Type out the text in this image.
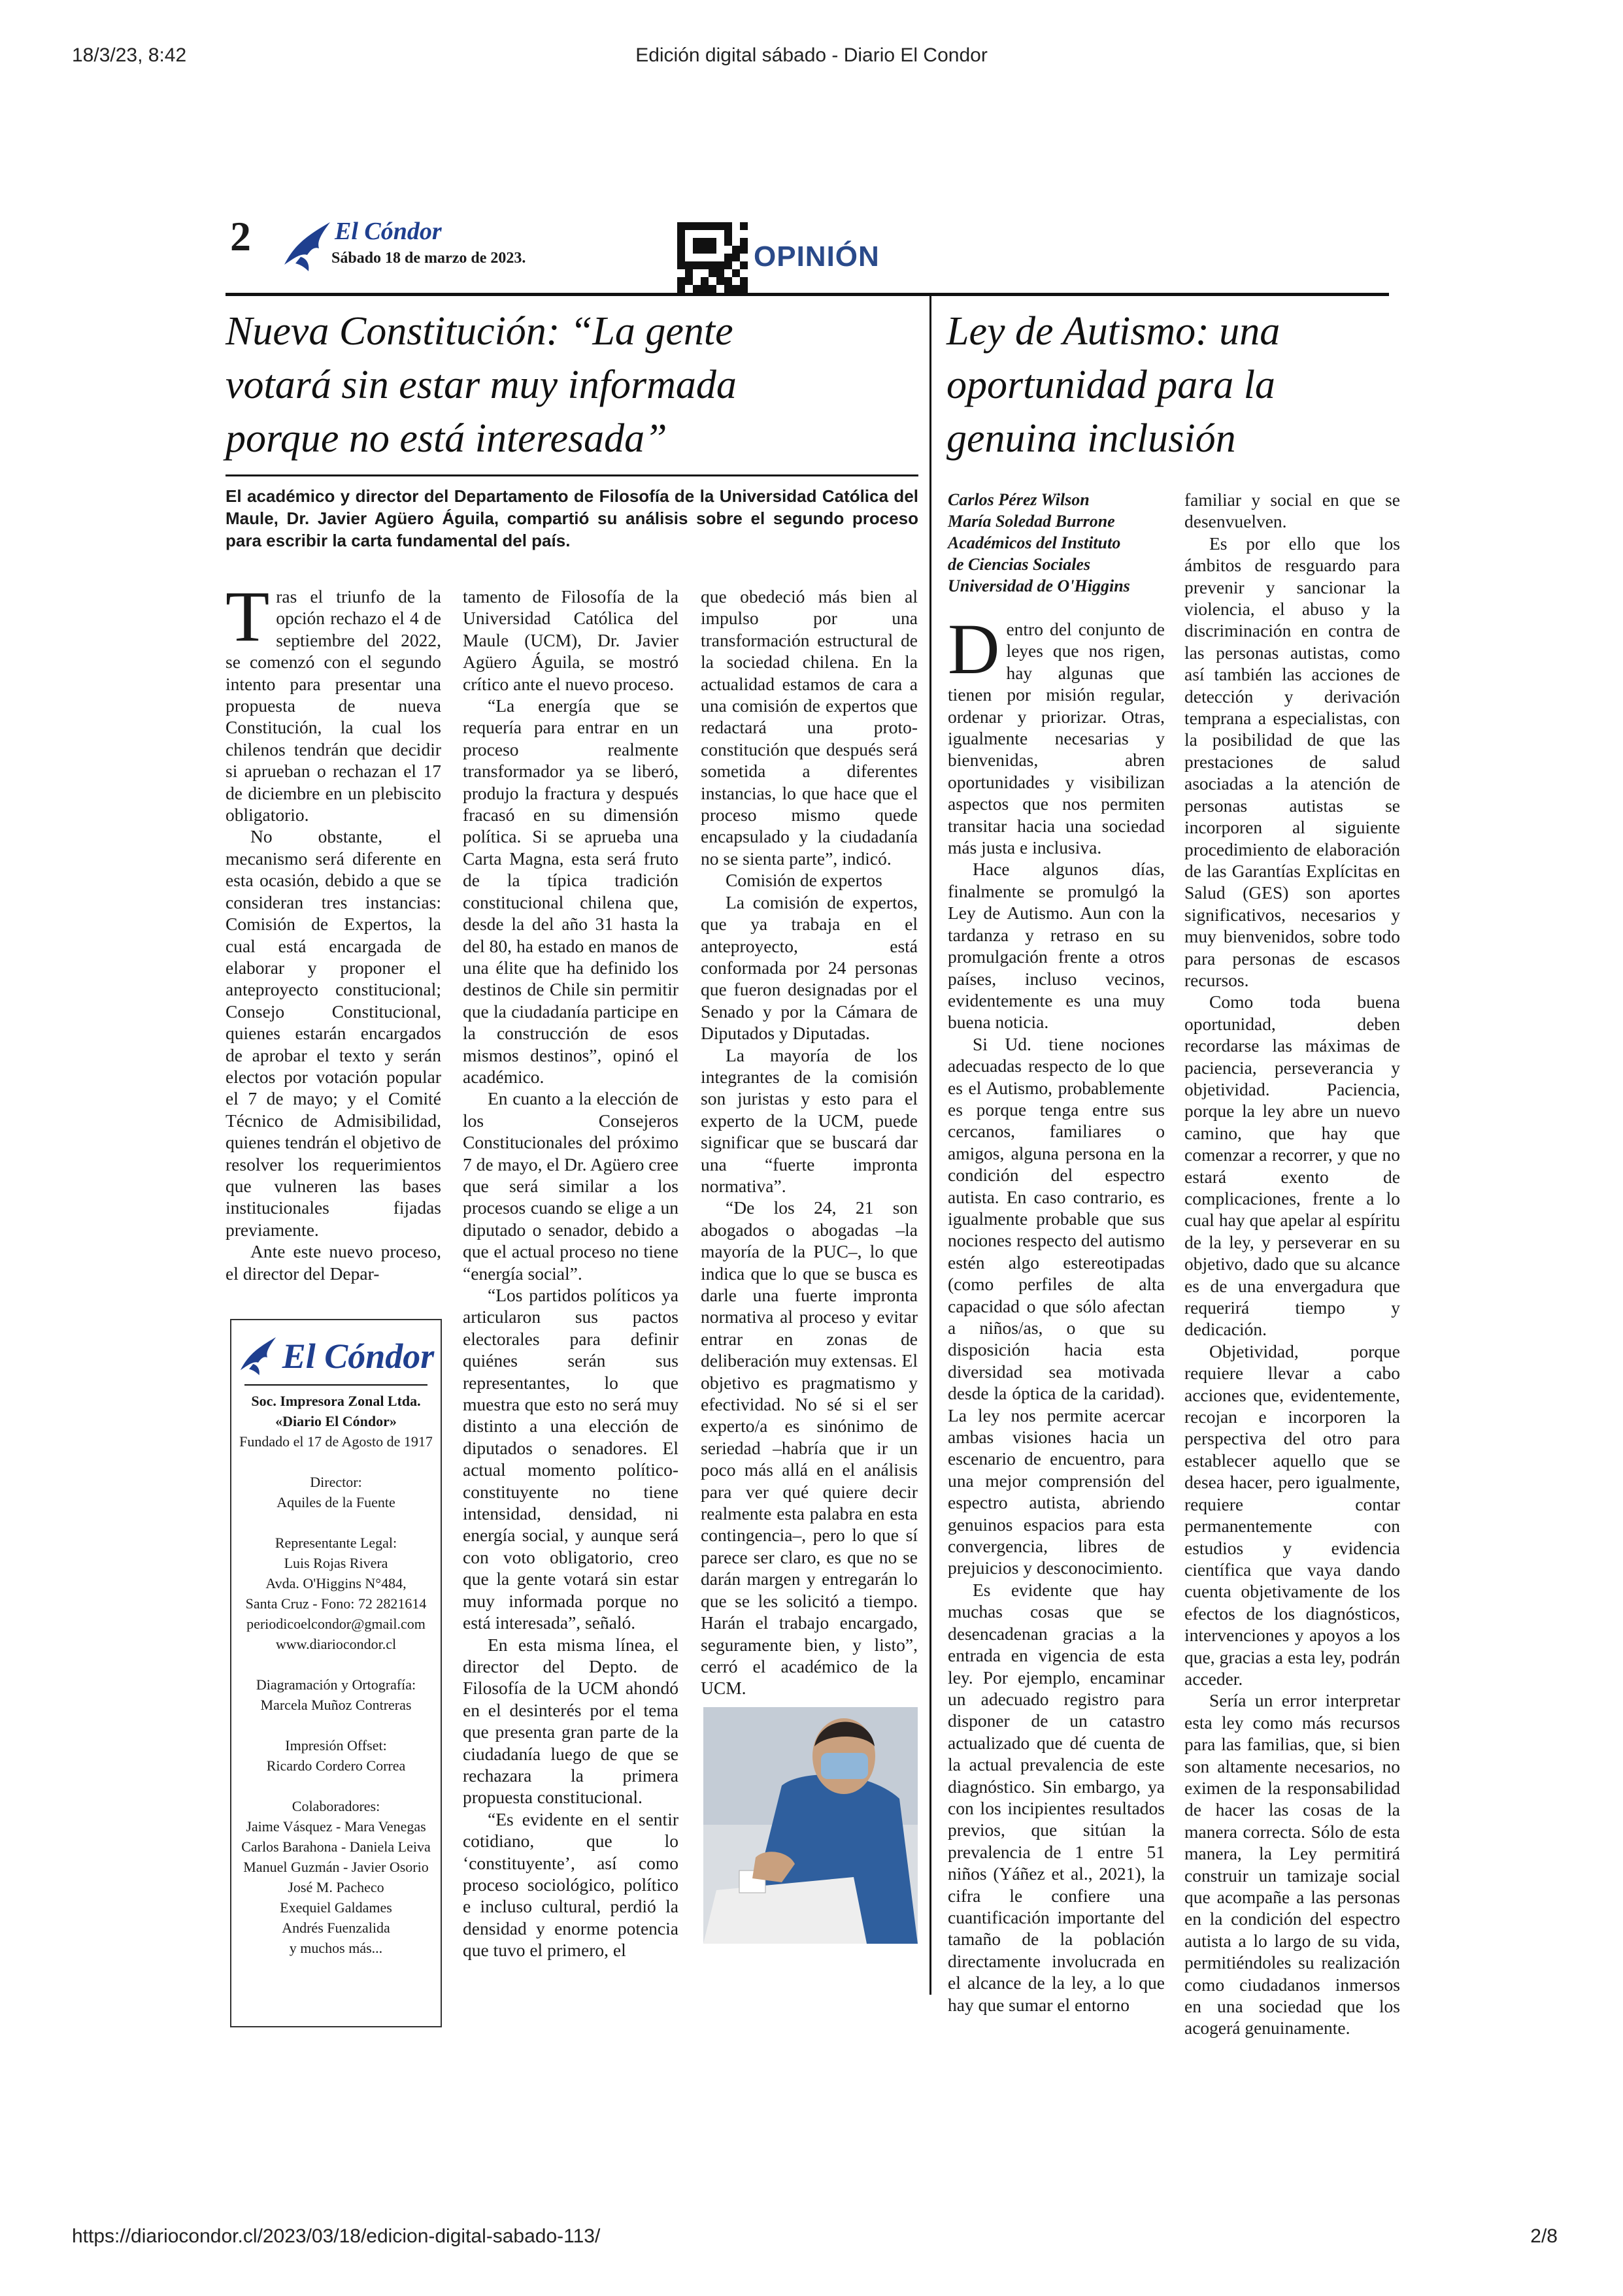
18/3/23, 8:42	Edición digital sábado - Diario El Condor
https://diariocondor.cl/2023/03/18/edicion-digital-sabado-113/	2/8
2	El Cóndor
Sábado 18 de marzo de 2023.	OPINIÓN
Nueva Constitución: “La gente
votará sin estar muy informada
porque no está interesada”
El académico y director del Departamento de Filosofía de la Universidad Católica del Maule, Dr. Javier Agüero Águila, compartió su análisis sobre el segundo proceso para escribir la carta fundamental del país.
T ras el triunfo de la opción rechazo el 4 de septiembre del 2022, se comenzó con el segundo intento para presentar una propuesta de nueva Constitución, la cual los chilenos tendrán que decidir si aprueban o rechazan el 17 de diciembre en un plebiscito obligatorio.

No obstante, el mecanismo será diferente en esta ocasión, debido a que se consideran tres instancias: Comisión de Expertos, la cual está encargada de elaborar y proponer el anteproyecto constitucional; Consejo Constitucional, quienes estarán encargados de aprobar el texto y serán electos por votación popular el 7 de mayo; y el Comité Técnico de Admisibilidad, quienes tendrán el objetivo de resolver los requerimientos que vulneren las bases institucionales fijadas previamente.

Ante este nuevo proceso, el director del Depar-

El Cóndor
Soc. Impresora Zonal Ltda.
«Diario El Cóndor»
Fundado el 17 de Agosto de 1917

Director:
Aquiles de la Fuente

Representante Legal:
Luis Rojas Rivera
Avda. O'Higgins N°484,
Santa Cruz - Fono: 72 2821614
periodicoelcondor@gmail.com
www.diariocondor.cl

Diagramación y Ortografía:
Marcela Muñoz Contreras

Impresión Offset:
Ricardo Cordero Correa

Colaboradores:
Jaime Vásquez - Mara Venegas
Carlos Barahona - Daniela Leiva
Manuel Guzmán - Javier Osorio
José M. Pacheco
Exequiel Galdames
Andrés Fuenzalida
y muchos más...

tamento de Filosofía de la Universidad Católica del Maule (UCM), Dr. Javier Agüero Águila, se mostró crítico ante el nuevo proceso.

“La energía que se requería para entrar en un proceso realmente transformador ya se liberó, produjo la fractura y después fracasó en su dimensión política. Si se aprueba una Carta Magna, esta será fruto de la típica tradición constitucional chilena que, desde la del año 31 hasta la del 80, ha estado en manos de una élite que ha definido los destinos de Chile sin permitir que la ciudadanía participe en la construcción de esos mismos destinos”, opinó el académico.

En cuanto a la elección de los Consejeros Constitucionales del próximo 7 de mayo, el Dr. Agüero cree que será similar a los procesos cuando se elige a un diputado o senador, debido a que el actual proceso no tiene “energía social”.

“Los partidos políticos ya articularon sus pactos electorales para definir quiénes serán sus representantes, lo que muestra que esto no será muy distinto a una elección de diputados o senadores. El actual momento político-constituyente no tiene intensidad, densidad, ni energía social, y aunque será con voto obligatorio, creo que la gente votará sin estar muy informada porque no está interesada”, señaló.

En esta misma línea, el director del Depto. de Filosofía de la UCM ahondó en el desinterés por el tema que presenta gran parte de la ciudadanía luego de que se rechazara la primera propuesta constitucional.

“Es evidente en el sentir cotidiano, que lo ‘constituyente’, así como proceso sociológico, político e incluso cultural, perdió la densidad y enorme potencia que tuvo el primero, el

que obedeció más bien al impulso por una transformación estructural de la sociedad chilena. En la actualidad estamos de cara a una comisión de expertos que redactará una proto-constitución que después será sometida a diferentes instancias, lo que hace que el proceso mismo quede encapsulado y la ciudadanía no se sienta parte”, indicó.

Comisión de expertos

La comisión de expertos, que ya trabaja en el anteproyecto, está conformada por 24 personas que fueron designadas por el Senado y por la Cámara de Diputados y Diputadas.

La mayoría de los integrantes de la comisión son juristas y esto para el experto de la UCM, puede significar que se buscará dar una “fuerte impronta normativa”.

“De los 24, 21 son abogados o abogadas –la mayoría de la PUC–, lo que indica que lo que se busca es darle una fuerte impronta normativa al proceso y evitar entrar en zonas de deliberación muy extensas. El objetivo es pragmatismo y efectividad. No sé si el ser experto/a es sinónimo de seriedad –habría que ir un poco más allá en el análisis para ver qué quiere decir realmente esta palabra en esta contingencia–, pero lo que sí parece ser claro, es que no se darán margen y entregarán lo que se les solicitó a tiempo. Harán el trabajo encargado, seguramente bien, y listo”, cerró el académico de la UCM.

Ley de Autismo: una
oportunidad para la
genuina inclusión
Carlos Pérez Wilson
María Soledad Burrone
Académicos del Instituto
de Ciencias Sociales
Universidad de O'Higgins
D entro del conjunto de leyes que nos rigen, hay algunas que tienen por misión regular, ordenar y priorizar. Otras, igualmente necesarias y bienvenidas, abren oportunidades y visibilizan aspectos que nos permiten transitar hacia una sociedad más justa e inclusiva.

Hace algunos días, finalmente se promulgó la Ley de Autismo. Aun con la tardanza y retraso en su promulgación frente a otros países, incluso vecinos, evidentemente es una muy buena noticia.

Si Ud. tiene nociones adecuadas respecto de lo que es el Autismo, probablemente es porque tenga entre sus cercanos, familiares o amigos, alguna persona en la condición del espectro autista. En caso contrario, es igualmente probable que sus nociones respecto del autismo estén algo estereotipadas (como perfiles de alta capacidad o que sólo afectan a niños/as, o que su disposición hacia esta diversidad sea motivada desde la óptica de la caridad). La ley nos permite acercar ambas visiones hacia un escenario de encuentro, para una mejor comprensión del espectro autista, abriendo genuinos espacios para esta convergencia, libres de prejuicios y desconocimiento.

Es evidente que hay muchas cosas que se desencadenan gracias a la entrada en vigencia de esta ley. Por ejemplo, encaminar un adecuado registro para disponer de un catastro actualizado que dé cuenta de la actual prevalencia de este diagnóstico. Sin embargo, ya con los incipientes resultados previos, que sitúan la prevalencia de 1 entre 51 niños (Yáñez et al., 2021), la cifra le confiere una cuantificación importante del tamaño de la población directamente involucrada en el alcance de la ley, a lo que hay que sumar el entorno

familiar y social en que se desenvuelven.

Es por ello que los ámbitos de resguardo para prevenir y sancionar la violencia, el abuso y la discriminación en contra de las personas autistas, como así también las acciones de detección y derivación temprana a especialistas, con la posibilidad de que las prestaciones de salud asociadas a la atención de personas autistas se incorporen al siguiente procedimiento de elaboración de las Garantías Explícitas en Salud (GES) son aportes significativos, necesarios y muy bienvenidos, sobre todo para personas de escasos recursos.

Como toda buena oportunidad, deben recordarse las máximas de paciencia, perseverancia y objetividad. Paciencia, porque la ley abre un nuevo camino, que hay que comenzar a recorrer, y que no estará exento de complicaciones, frente a lo cual hay que apelar al espíritu de la ley, y perseverar en su objetivo, dado que su alcance es de una envergadura que requerirá tiempo y dedicación.

Objetividad, porque requiere llevar a cabo acciones que, evidentemente, recojan e incorporen la perspectiva del otro para establecer aquello que se desea hacer, pero igualmente, requiere contar permanentemente con estudios y evidencia científica que vaya dando cuenta objetivamente de los efectos de los diagnósticos, intervenciones y apoyos a los que, gracias a esta ley, podrán acceder.

Sería un error interpretar esta ley como más recursos para las familias, que, si bien son altamente necesarios, no eximen de la responsabilidad de hacer las cosas de la manera correcta. Sólo de esta manera, la Ley permitirá construir un tamizaje social que acompañe a las personas en la condición del espectro autista a lo largo de su vida, permitiéndoles su realización como ciudadanos inmersos en una sociedad que los acogerá genuinamente.
